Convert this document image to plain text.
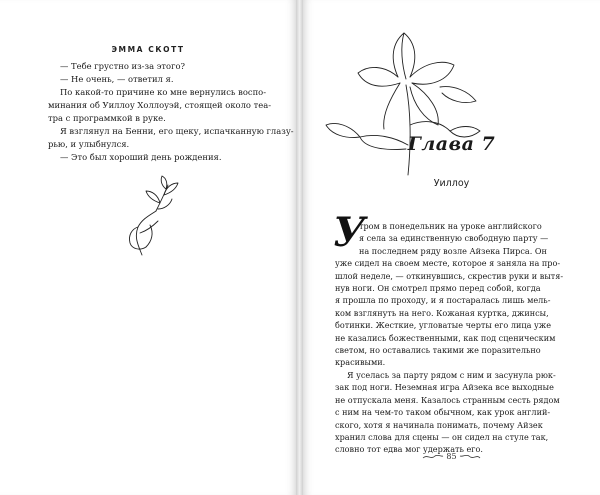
ЭММА СКОТТ

— Тебе грустно из-за этого?

— Не очень, — ответил я.

По какой-то причине ко мне вернулись воспо-

минания об Уиллоу Холлоуэй, стоящей около теа-

тра с программкой в руке.

Я взглянул на Бенни, его щеку, испачканную глазу-

рью, и улыбнулся.

— Это был хороший день рождения.

Глава 7
Уиллоу
У

тром в понедельник на уроке английского

я села за единственную свободную парту —

на последнем ряду возле Айзека Пирса. Он

уже сидел на своем месте, которое я заняла на про-

шлой неделе, — откинувшись, скрестив руки и вытя-

нув ноги. Он смотрел прямо перед собой, когда

я прошла по проходу, и я постаралась лишь мель-

ком взглянуть на него. Кожаная куртка, джинсы,

ботинки. Жесткие, угловатые черты его лица уже

не казались божественными, как под сценическим

светом, но оставались такими же поразительно

красивыми.

Я уселась за парту рядом с ним и засунула рюк-

зак под ноги. Неземная игра Айзека все выходные

не отпускала меня. Казалось странным сесть рядом

с ним на чем-то таком обычном, как урок англий-

ского, хотя я начинала понимать, почему Айзек

хранил слова для сцены — он сидел на стуле так,

словно тот едва мог удержать его.

85
